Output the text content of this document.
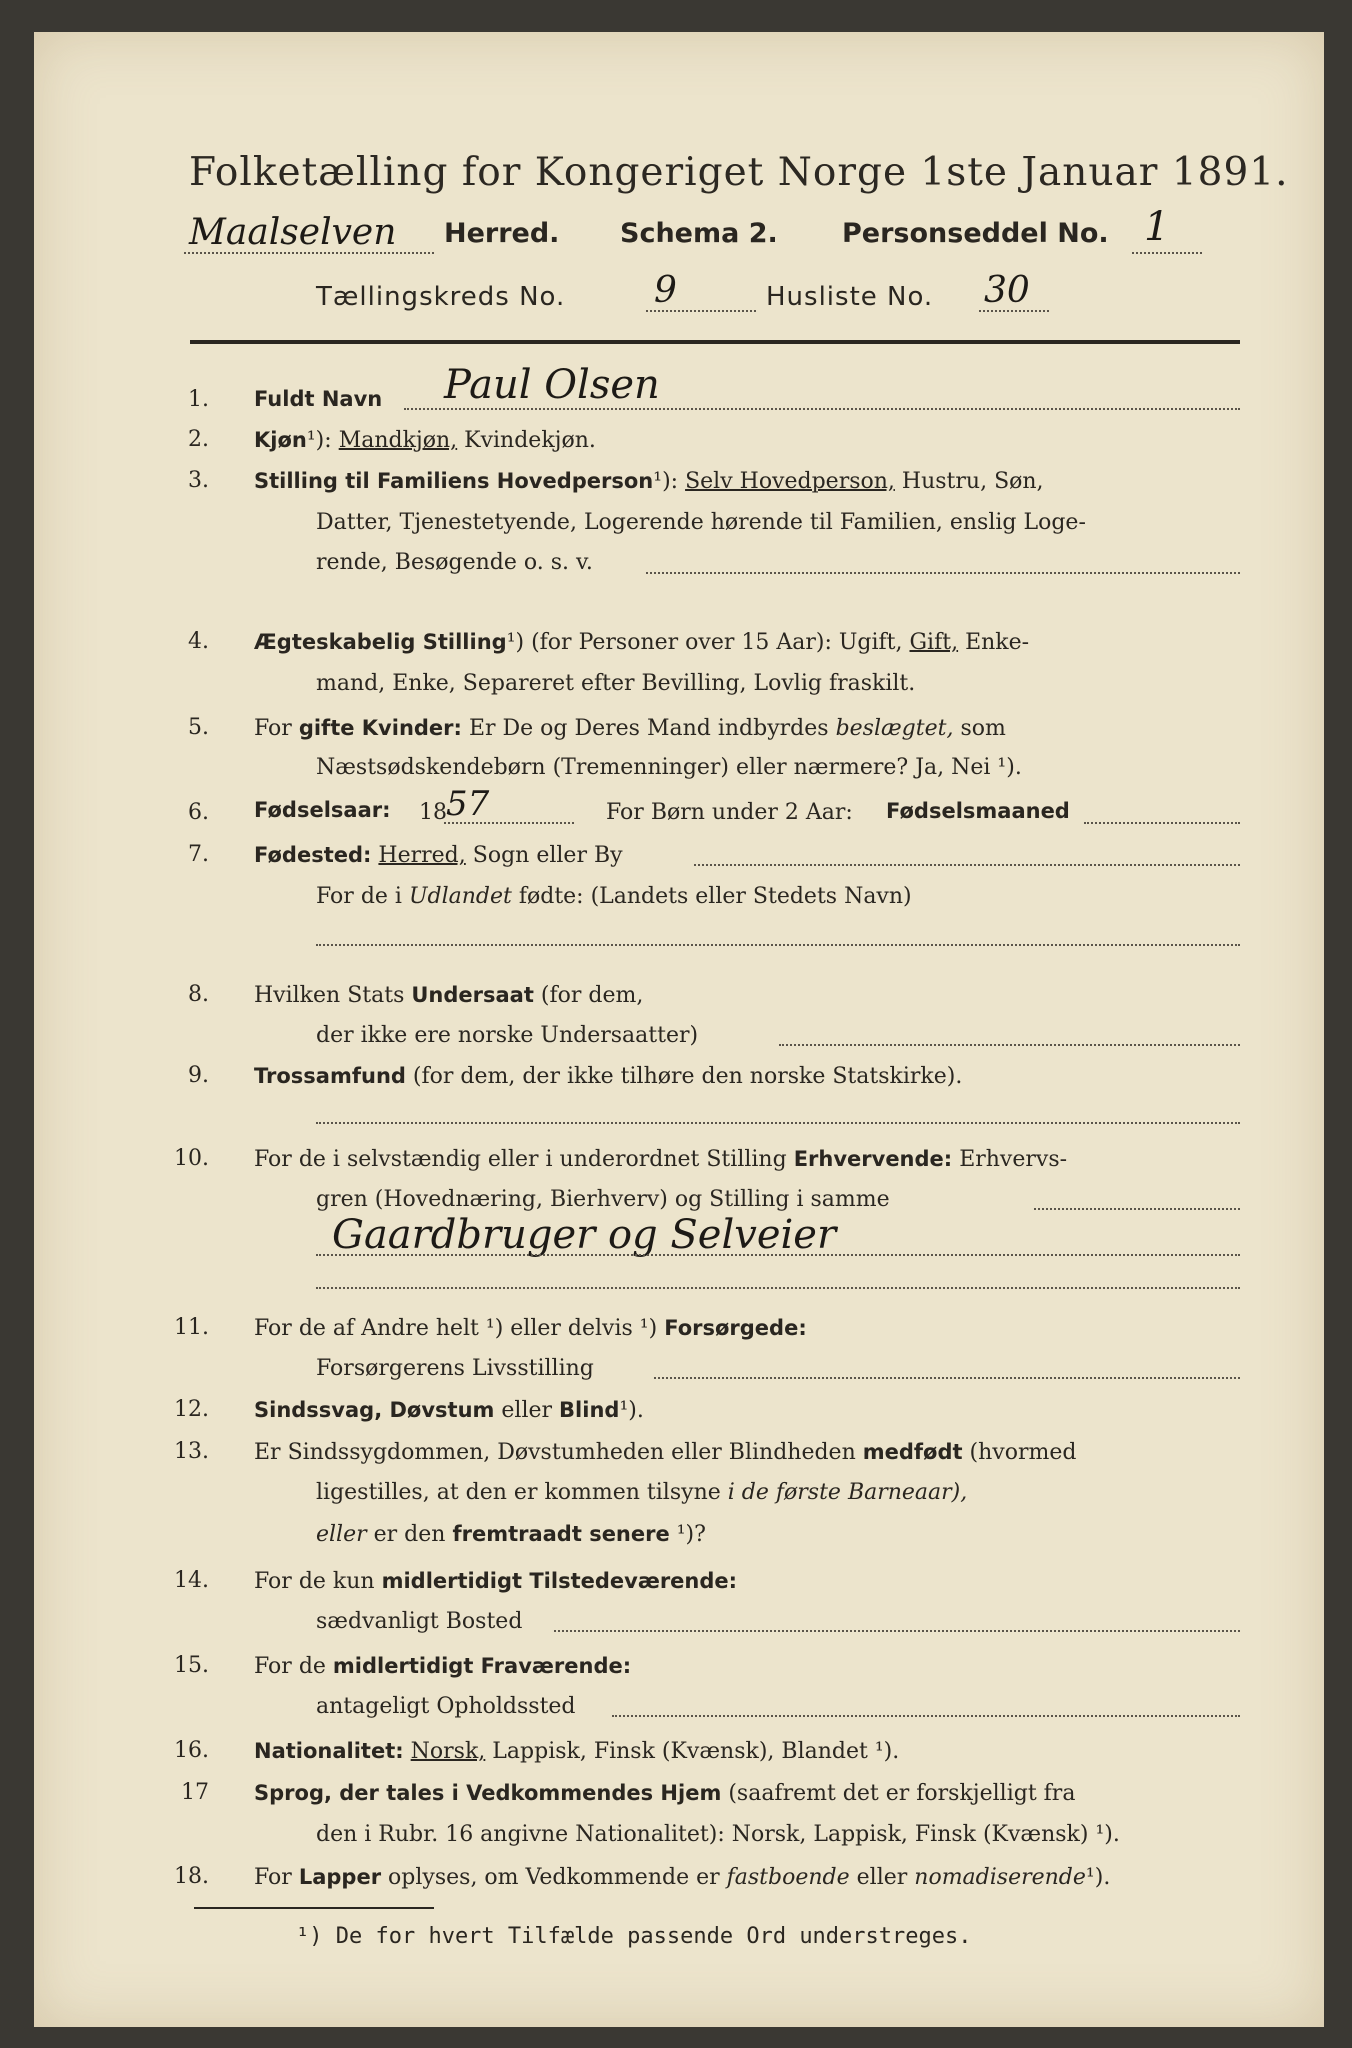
Folketælling for Kongeriget Norge 1ste Januar 1891.
Maalselven Herred. Schema 2. Personseddel No. 1
Tællingskreds No. 9	Husliste No. 30
1. Fuldt Navn Paul Olsen
2. Kjøn¹): Mandkjøn, Kvindekjøn.
3. Stilling til Familiens Hovedperson¹): Selv Hovedperson, Hustru, Søn,
Datter, Tjenestetyende, Logerende hørende til Familien, enslig Loge-
rende, Besøgende o. s. v.
4. Ægteskabelig Stilling¹) (for Personer over 15 Aar): Ugift, Gift, Enke-
mand, Enke, Separeret efter Bevilling, Lovlig fraskilt.
5. For gifte Kvinder: Er De og Deres Mand indbyrdes beslægtet, som
Næstsødskendebørn (Tremenninger) eller nærmere? Ja, Nei ¹).
6. Fødselsaar: 18 57	For Børn under 2 Aar: Fødselsmaaned
7. Fødested: Herred, Sogn eller By
For de i Udlandet fødte: (Landets eller Stedets Navn)
8. Hvilken Stats Undersaat (for dem,
der ikke ere norske Undersaatter)
9. Trossamfund (for dem, der ikke tilhøre den norske Statskirke).
10. For de i selvstændig eller i underordnet Stilling Erhvervende: Erhvervs-
gren (Hovednæring, Bierhverv) og Stilling i samme
Gaardbruger og Selveier
11. For de af Andre helt ¹) eller delvis ¹) Forsørgede:
Forsørgerens Livsstilling
12. Sindssvag, Døvstum eller Blind¹).
13. Er Sindssygdommen, Døvstumheden eller Blindheden medfødt (hvormed
ligestilles, at den er kommen tilsyne i de første Barneaar),
eller er den fremtraadt senere ¹)?
14. For de kun midlertidigt Tilstedeværende:
sædvanligt Bosted
15. For de midlertidigt Fraværende:
antageligt Opholdssted
16. Nationalitet: Norsk, Lappisk, Finsk (Kvænsk), Blandet ¹).
17 Sprog, der tales i Vedkommendes Hjem (saafremt det er forskjelligt fra
den i Rubr. 16 angivne Nationalitet): Norsk, Lappisk, Finsk (Kvænsk) ¹).
18. For Lapper oplyses, om Vedkommende er fastboende eller nomadiserende¹).
¹) De for hvert Tilfælde passende Ord understreges.
